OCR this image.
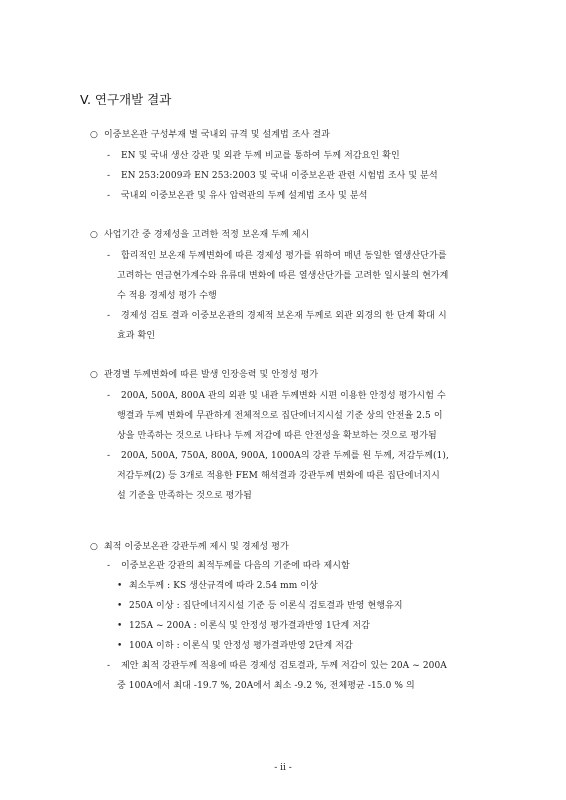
V. 연구개발 결과
○ 이중보온관 구성부재 별 국내외 규격 및 설계법 조사 결과
- EN 및 국내 생산 강관 및 외관 두께 비교를 통하여 두께 저감요인 확인
- EN 253:2009과 EN 253:2003 및 국내 이중보온관 관련 시험법 조사 및 분석
- 국내외 이중보온관 및 유사 압력관의 두께 설계법 조사 및 분석
○ 사업기간 중 경제성을 고려한 적정 보온재 두께 제시
- 합리적인 보온재 두께변화에 따른 경제성 평가를 위하여 매년 동일한 열생산단가를
고려하는 연금현가계수와 유류대 변화에 따른 열생산단가를 고려한 일시불의 현가계
수 적용 경제성 평가 수행
- 경제성 검토 결과 이중보온관의 경제적 보온재 두께로 외관 외경의 한 단계 확대 시
효과 확인
○ 관경별 두께변화에 따른 발생 인장응력 및 안정성 평가
- 200A, 500A, 800A 관의 외관 및 내관 두께변화 시편 이용한 안정성 평가시험 수
행결과 두께 변화에 무관하게 전체적으로 집단에너지시설 기준 상의 안전율 2.5 이
상을 만족하는 것으로 나타나 두께 저감에 따른 안전성을 확보하는 것으로 평가됨
- 200A, 500A, 750A, 800A, 900A, 1000A의 강관 두께를 원 두께, 저감두께(1),
저감두께(2) 등 3개로 적용한 FEM 해석결과 강관두께 변화에 따른 집단에너지시
설 기준을 만족하는 것으로 평가됨
○ 최적 이중보온관 강관두께 제시 및 경제성 평가
- 이중보온관 강관의 최적두께를 다음의 기준에 따라 제시함
• 최소두께 : KS 생산규격에 따라 2.54 mm 이상
• 250A 이상 : 집단에너지시설 기준 등 이론식 검토결과 반영 현행유지
• 125A ~ 200A : 이론식 및 안정성 평가결과반영 1단계 저감
• 100A 이하 : 이론식 및 안정성 평가결과반영 2단계 저감
- 제안 최적 강관두께 적용에 따른 경제성 검토결과, 두께 저감이 있는 20A ~ 200A
중 100A에서 최대 -19.7 %, 20A에서 최소 -9.2 %, 전체평균 -15.0 % 의
- ii -
